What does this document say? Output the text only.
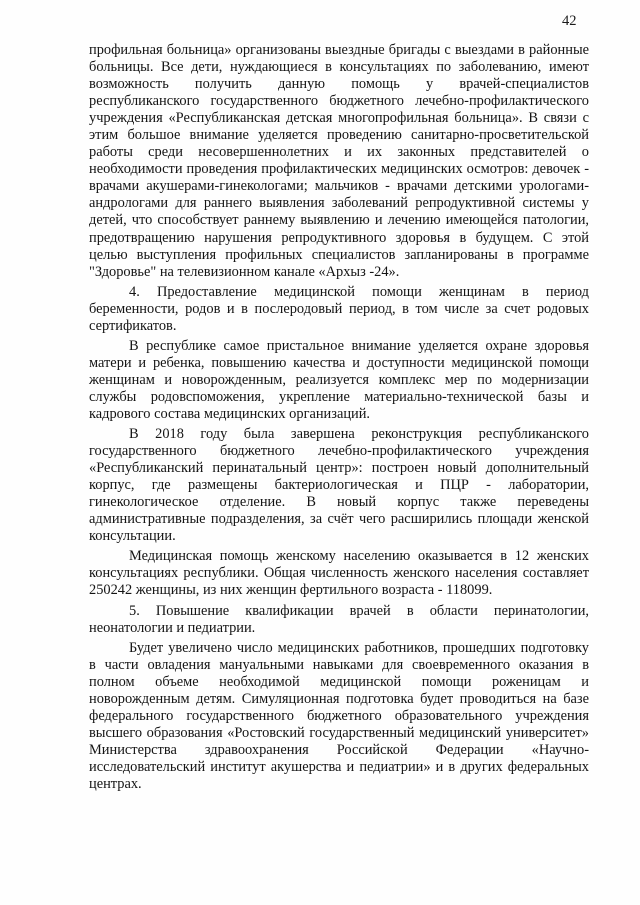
42

профильная больница» организованы выездные бригады с выездами в районные больницы. Все дети, нуждающиеся в консультациях по заболеванию, имеют возможность получить данную помощь у врачей-специалистов республиканского государственного бюджетного лечебно-профилактического учреждения «Республиканская детская многопрофильная больница». В связи с этим большое внимание уделяется проведению санитарно-просветительской работы среди несовершеннолетних и их законных представителей о необходимости проведения профилактических медицинских осмотров: девочек - врачами акушерами-гинекологами; мальчиков - врачами детскими урологами-андрологами для раннего выявления заболеваний репродуктивной системы у детей, что способствует раннему выявлению и лечению имеющейся патологии, предотвращению нарушения репродуктивного здоровья в будущем. С этой целью выступления профильных специалистов запланированы в программе "Здоровье" на телевизионном канале «Архыз -24».

4. Предоставление медицинской помощи женщинам в период беременности, родов и в послеродовый период, в том числе за счет родовых сертификатов.

В республике самое пристальное внимание уделяется охране здоровья матери и ребенка, повышению качества и доступности медицинской помощи женщинам и новорожденным, реализуется комплекс мер по модернизации службы родовспоможения, укрепление материально-технической базы и кадрового состава медицинских организаций.

В 2018 году была завершена реконструкция республиканского государственного бюджетного лечебно-профилактического учреждения «Республиканский перинатальный центр»: построен новый дополнительный корпус, где размещены бактериологическая и ПЦР - лаборатории, гинекологическое отделение. В новый корпус также переведены административные подразделения, за счёт чего расширились площади женской консультации.

Медицинская помощь женскому населению оказывается в 12 женских консультациях республики. Общая численность женского населения составляет 250242 женщины, из них женщин фертильного возраста - 118099.

5. Повышение квалификации врачей в области перинатологии, неонатологии и педиатрии.

Будет увеличено число медицинских работников, прошедших подготовку в части овладения мануальными навыками для своевременного оказания в полном объеме необходимой медицинской помощи роженицам и новорожденным детям. Симуляционная подготовка будет проводиться на базе федерального государственного бюджетного образовательного учреждения высшего образования «Ростовский государственный медицинский университет» Министерства здравоохранения Российской Федерации «Научно-исследовательский институт акушерства и педиатрии» и в других федеральных центрах.
